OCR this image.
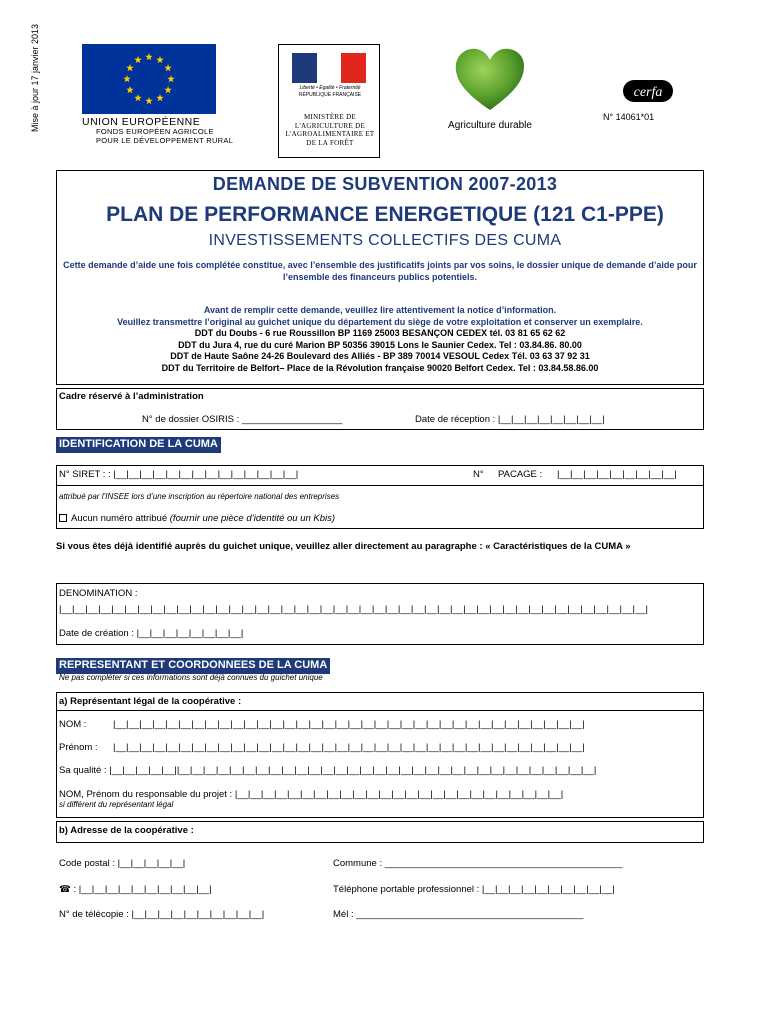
Mise à jour 17 janvier 2013	UNION EUROPÉENNE
FONDS EUROPÉEN AGRICOLE POUR LE DÉVELOPPEMENT RURAL
Liberté • Égalité • Fraternité
RÉPUBLIQUE FRANÇAISE
MINISTÈRE DE L'AGRICULTURE DE L'AGROALIMENTAIRE ET DE LA FORÊT
Agriculture durable
cerfa
N° 14061*01
DEMANDE DE SUBVENTION 2007-2013
PLAN DE PERFORMANCE ENERGETIQUE (121 C1-PPE)
INVESTISSEMENTS COLLECTIFS DES CUMA
Cette demande d’aide une fois complétée constitue, avec l’ensemble des justificatifs joints par vos soins, le dossier unique de demande d’aide pour l’ensemble des financeurs publics potentiels.
Avant de remplir cette demande, veuillez lire attentivement la notice d’information.
Veuillez transmettre l’original au guichet unique du département du siège de votre exploitation et conserver un exemplaire.
DDT du Doubs - 6 rue Roussillon BP 1169 25003 BESANÇON CEDEX tél. 03 81 65 62 62
DDT du Jura 4, rue du curé Marion BP 50356 39015 Lons le Saunier Cedex. Tel : 03.84.86. 80.00
DDT de Haute Saône 24-26 Boulevard des Alliés - BP 389 70014 VESOUL Cedex Tél. 03 63 37 92 31
DDT du Territoire de Belfort– Place de la Révolution française 90020 Belfort Cedex. Tel : 03.84.58.86.00
Cadre réservé à l’administration
N° de dossier OSIRIS : ___________________	Date de réception : |__|__|__|__|__|__|__|__|
IDENTIFICATION DE LA CUMA
N° SIRET : : |__|__|__|__|__|__|__|__|__|__|__|__|__|__|	N° PACAGE : |__|__|__|__|__|__|__|__|__|
attribué par l’INSEE lors d’une inscription au répertoire national des entreprises
Aucun numéro attribué (fournir une pièce d’identité ou un Kbis)
Si vous êtes déjà identifié auprès du guichet unique, veuillez aller directement au paragraphe : « Caractéristiques de la CUMA »
DENOMINATION :
|__|__|__|__|__|__|__|__|__|__|__|__|__|__|__|__|__|__|__|__|__|__|__|__|__|__|__|__|__|__|__|__|__|__|__|__|__|__|__|__|__|__|__|__|__|
Date de création : |__|__|__|__|__|__|__|__|
REPRESENTANT ET COORDONNEES DE LA CUMA
Ne pas compléter si ces informations sont déjà connues du guichet unique
a) Représentant légal de la coopérative :
NOM :	|__|__|__|__|__|__|__|__|__|__|__|__|__|__|__|__|__|__|__|__|__|__|__|__|__|__|__|__|__|__|__|__|__|__|__|__|
Prénom : |__|__|__|__|__|__|__|__|__|__|__|__|__|__|__|__|__|__|__|__|__|__|__|__|__|__|__|__|__|__|__|__|__|__|__|__|
Sa qualité : |__|__|__|__|__||__|__|__|__|__|__|__|__|__|__|__|__|__|__|__|__|__|__|__|__|__|__|__|__|__|__|__|__|__|__|__|__|
NOM, Prénom du responsable du projet : |__|__|__|__|__|__|__|__|__|__|__|__|__|__|__|__|__|__|__|__|__|__|__|__|__|
si différent du représentant légal
b) Adresse de la coopérative :
Code postal : |__|__|__|__|__|	Commune : _____________________________________________
☎ : |__|__|__|__|__|__|__|__|__|__|	Téléphone portable professionnel : |__|__|__|__|__|__|__|__|__|__|
N° de télécopie : |__|__|__|__|__|__|__|__|__|__|	Mél : ___________________________________________
